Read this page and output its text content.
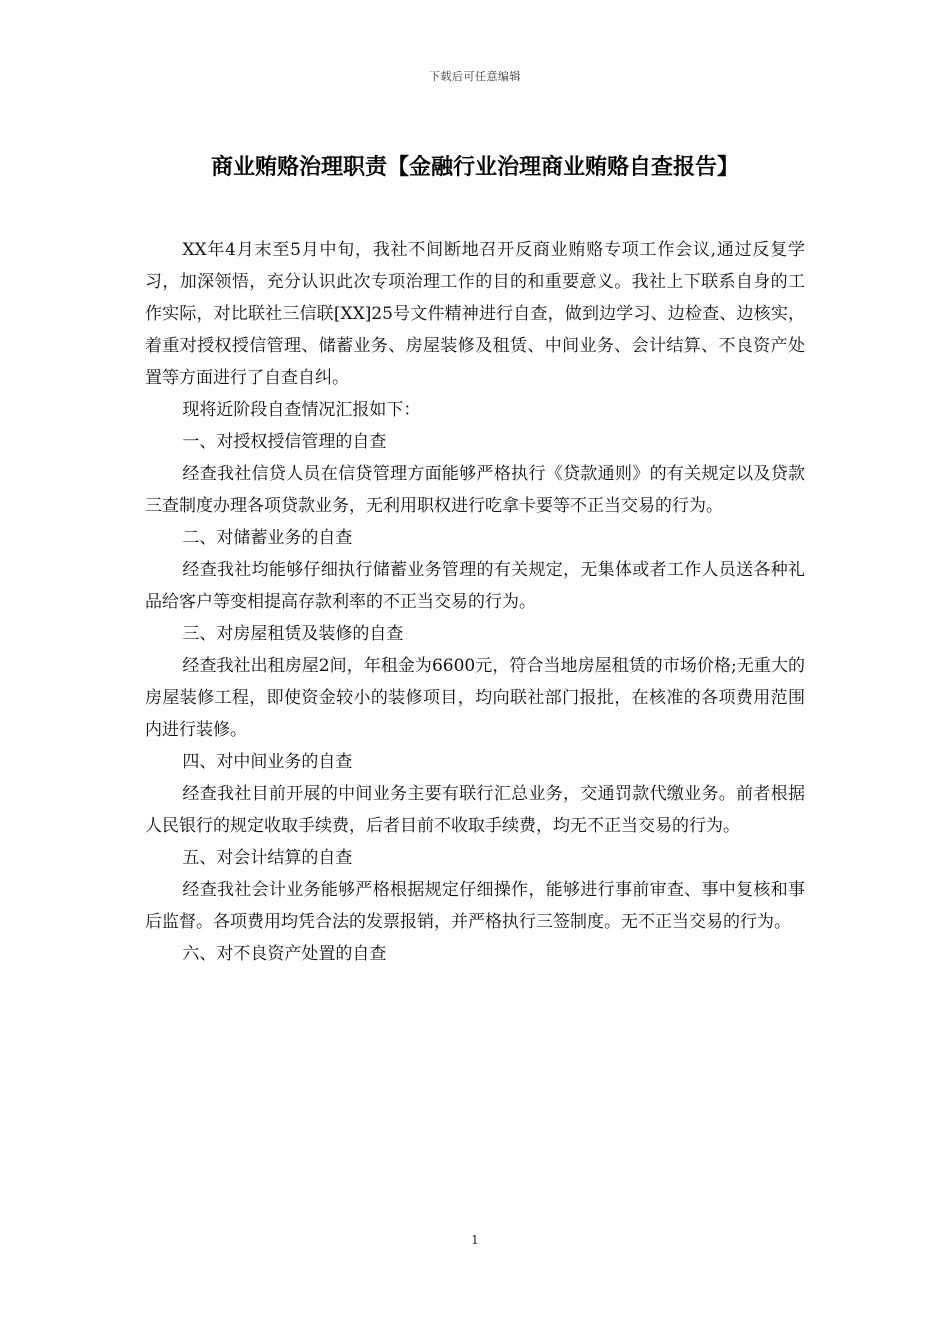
下载后可任意编辑
商业贿赂治理职责【金融行业治理商业贿赂自查报告】

XX年4月末至5月中旬，我社不间断地召开反商业贿赂专项工作会议,通过反复学习，加深领悟，充分认识此次专项治理工作的目的和重要意义。我社上下联系自身的工作实际，对比联社三信联[XX]25号文件精神进行自查，做到边学习、边检查、边核实，着重对授权授信管理、储蓄业务、房屋装修及租赁、中间业务、会计结算、不良资产处置等方面进行了自查自纠。

现将近阶段自查情况汇报如下：

一、对授权授信管理的自查

经查我社信贷人员在信贷管理方面能够严格执行《贷款通则》的有关规定以及贷款三查制度办理各项贷款业务，无利用职权进行吃拿卡要等不正当交易的行为。

二、对储蓄业务的自查

经查我社均能够仔细执行储蓄业务管理的有关规定，无集体或者工作人员送各种礼品给客户等变相提高存款利率的不正当交易的行为。

三、对房屋租赁及装修的自查

经查我社出租房屋2间，年租金为6600元，符合当地房屋租赁的市场价格;无重大的房屋装修工程，即使资金较小的装修项目，均向联社部门报批，在核准的各项费用范围内进行装修。

四、对中间业务的自查

经查我社目前开展的中间业务主要有联行汇总业务，交通罚款代缴业务。前者根据人民银行的规定收取手续费，后者目前不收取手续费，均无不正当交易的行为。

五、对会计结算的自查

经查我社会计业务能够严格根据规定仔细操作，能够进行事前审查、事中复核和事后监督。各项费用均凭合法的发票报销，并严格执行三签制度。无不正当交易的行为。

六、对不良资产处置的自查

1
